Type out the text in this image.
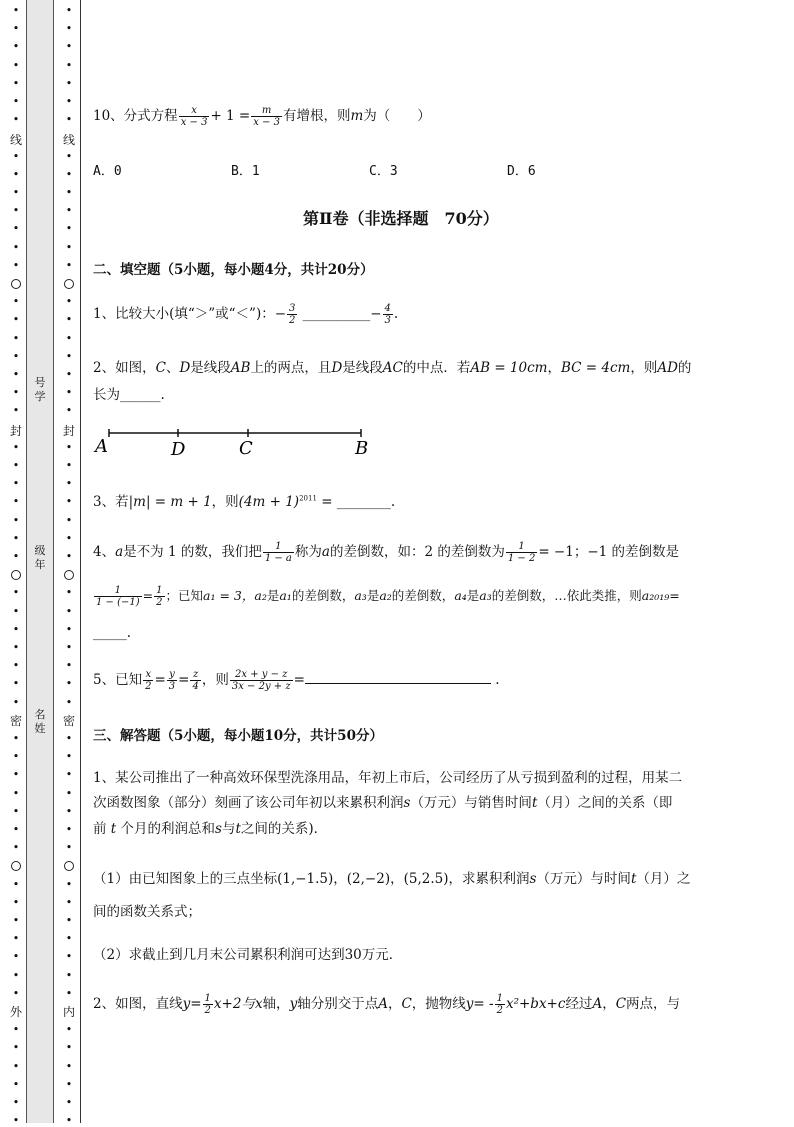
•
•
•
•
•
•
•
•
•
•
•
•
•
•
•
•
•
•
•
•
•
•
•
•
•
•
•
•
•
•
•
•
•
•
•
•
•
•
•
•
•
•
•
•
•
•
•
•
•
•
•
•
•
•
•
•
•
•
•
•
•
•
•
•
•
•
•
•
•
•
•
•
•
•
•
•
•
•
•
•
•
•
•
•
•
•
•
•
•
•
•
•
•
•
•
•
•
•
•
•
•
•
•
•
•
•
•
•
•
•
线
封
密
外
线
封
密
内
号
学
级
年
名
姓
10、分式方程 $\frac{x}{x - 3} + 1 = \frac{m}{x - 3}$ 有增根，则m为（　　）
A．0	B．1	C．3	D．6
第Ⅱ卷（非选择题　70分）
二、填空题（5小题，每小题4分，共计20分）
1、比较大小(填“＞”或“＜”)：− $\frac{3}{2}$ __________− $\frac{4}{3}$ .
2、如图，C、D是线段AB上的两点，且D是线段AC的中点．若AB = 10cm，BC = 4cm，则AD的
长为______.
A	D	C	B
3、若|m| = m + 1，则$(4m + 1)^{2011}$ = ________.
4、a是不为 1 的数，我们把 $\frac{1}{1 - a}$ 称为a的差倒数，如：2 的差倒数为 $\frac{1}{1 - 2} = -1$；−1 的差倒数是
$\frac{1}{1 - (-1)} = \frac{1}{2}$ ；已知a₁ = 3，a₂是a₁的差倒数，a₃是a₂的差倒数，a₄是a₃的差倒数，…依此类推，则a₂₀₁₉=
_____.
5、已知 $\frac{x}{2} = \frac{y}{3} = \frac{z}{4}$ ，则 $\frac{2x + y - z}{3x - 2y + z}$ =	.
三、解答题（5小题，每小题10分，共计50分）
1、某公司推出了一种高效环保型洗涤用品，年初上市后，公司经历了从亏损到盈利的过程，用某二
次函数图象（部分）刻画了该公司年初以来累积利润s（万元）与销售时间t（月）之间的关系（即
前 t 个月的利润总和s与t之间的关系)．
（1）由已知图象上的三点坐标(1,−1.5)，(2,−2)，(5,2.5)，求累积利润s（万元）与时间t（月）之
间的函数关系式；
（2）求截止到几月末公司累积利润可达到30万元．
2、如图，直线$y= \frac{1}{2} x+2$与x轴，y轴分别交于点A，C，抛物线$y= - \frac{1}{2} x^2+bx+c$经过A，C两点，与
